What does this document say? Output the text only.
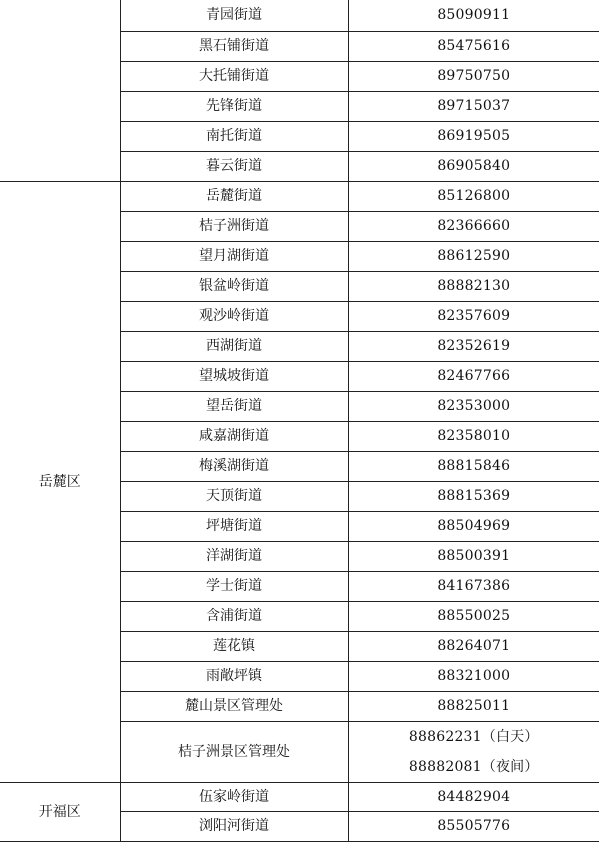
	青园街道	85090911
	黑石铺街道	85475616
	大托铺街道	89750750
	先锋街道	89715037
	南托街道	86919505
	暮云街道	86905840
岳麓区	岳麓街道	85126800
	桔子洲街道	82366660
	望月湖街道	88612590
	银盆岭街道	88882130
	观沙岭街道	82357609
	西湖街道	82352619
	望城坡街道	82467766
	望岳街道	82353000
	咸嘉湖街道	82358010
	梅溪湖街道	88815846
	天顶街道	88815369
	坪塘街道	88504969
	洋湖街道	88500391
	学士街道	84167386
	含浦街道	88550025
	莲花镇	88264071
	雨敞坪镇	88321000
	麓山景区管理处	88825011
	桔子洲景区管理处	88862231（白天）
88882081（夜间）

开福区	伍家岭街道	84482904
	浏阳河街道	85505776
